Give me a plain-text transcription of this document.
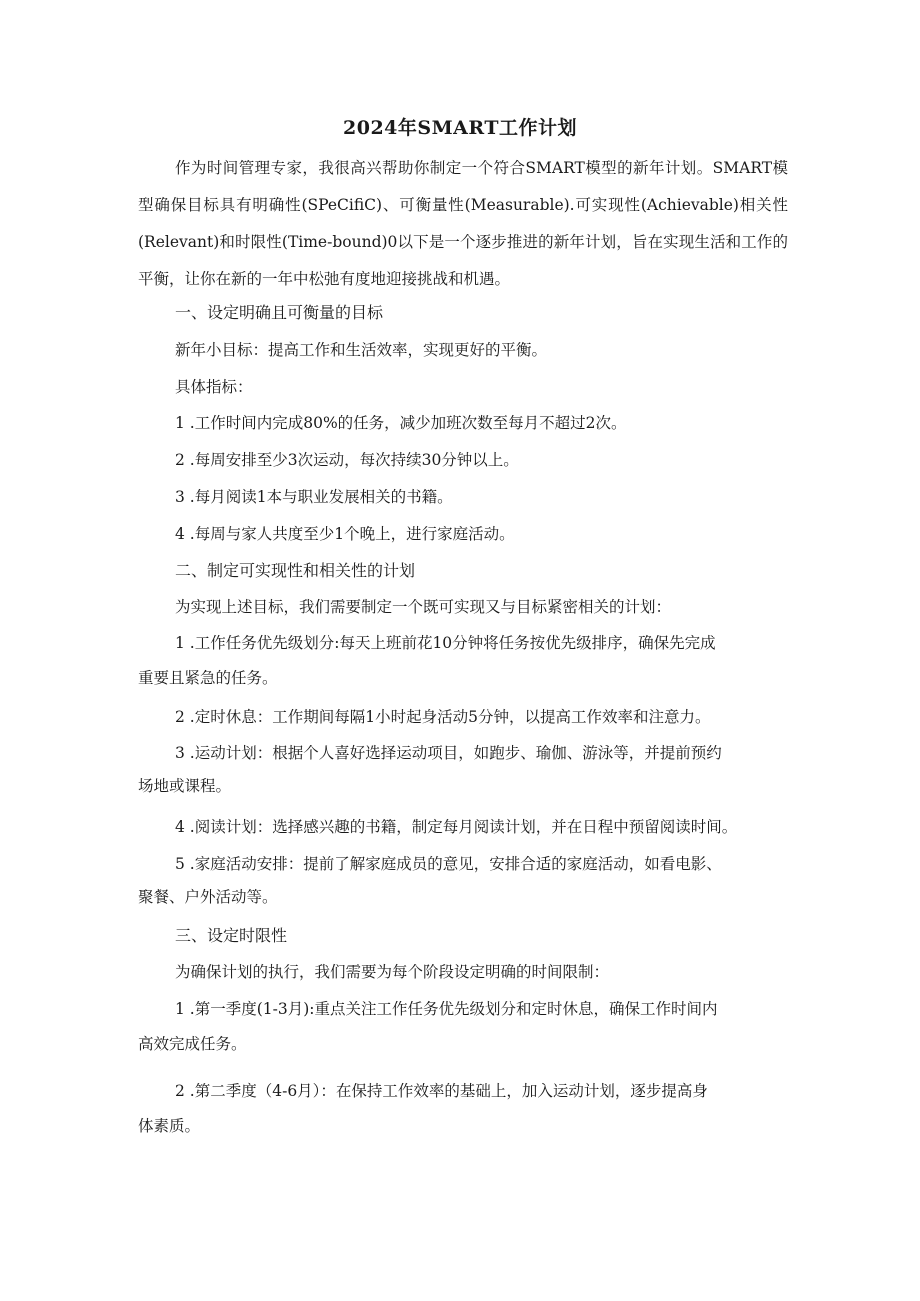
2024年SMART工作计划
作为时间管理专家，我很高兴帮助你制定一个符合SMART模型的新年计划。SMART模型确保目标具有明确性(SPeCifiC)、可衡量性(Measurable).可实现性(Achievable)相关性(Relevant)和时限性(Time-bound)0以下是一个逐步推进的新年计划，旨在实现生活和工作的平衡，让你在新的一年中松弛有度地迎接挑战和机遇。
一、设定明确且可衡量的目标
新年小目标：提高工作和生活效率，实现更好的平衡。
具体指标：
1 .工作时间内完成80%的任务，减少加班次数至每月不超过2次。
2 .每周安排至少3次运动，每次持续30分钟以上。
3 .每月阅读1本与职业发展相关的书籍。
4 .每周与家人共度至少1个晚上，进行家庭活动。
二、制定可实现性和相关性的计划
为实现上述目标，我们需要制定一个既可实现又与目标紧密相关的计划：
1 .工作任务优先级划分:每天上班前花10分钟将任务按优先级排序，确保先完成
重要且紧急的任务。
2 .定时休息：工作期间每隔1小时起身活动5分钟，以提高工作效率和注意力。
3 .运动计划：根据个人喜好选择运动项目，如跑步、瑜伽、游泳等，并提前预约
场地或课程。
4 .阅读计划：选择感兴趣的书籍，制定每月阅读计划，并在日程中预留阅读时间。
5 .家庭活动安排：提前了解家庭成员的意见，安排合适的家庭活动，如看电影、
聚餐、户外活动等。
三、设定时限性
为确保计划的执行，我们需要为每个阶段设定明确的时间限制：
1 .第一季度(1-3月):重点关注工作任务优先级划分和定时休息，确保工作时间内
高效完成任务。
2 .第二季度（4-6月）：在保持工作效率的基础上，加入运动计划，逐步提高身
体素质。
